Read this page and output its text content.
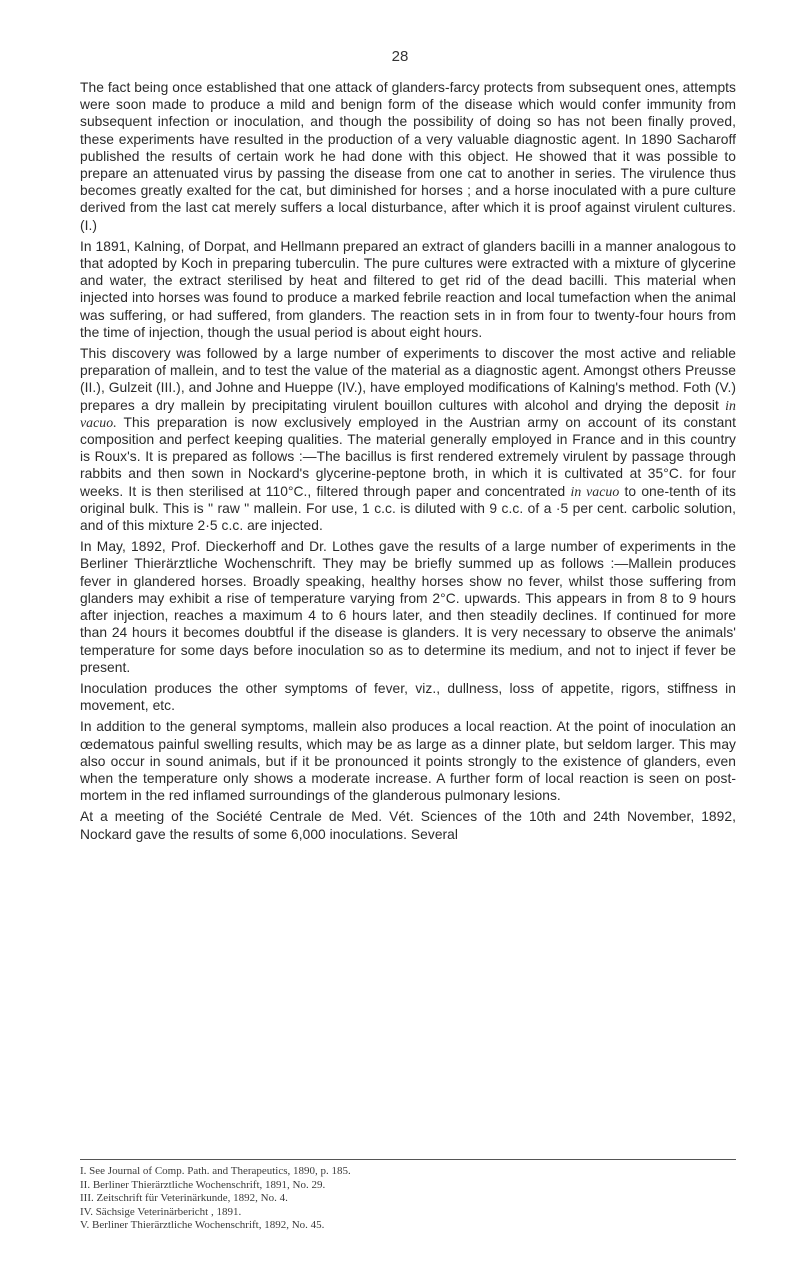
28

The fact being once established that one attack of glanders-farcy protects from subsequent ones, attempts were soon made to produce a mild and benign form of the disease which would confer immunity from subsequent infection or inoculation, and though the possibility of doing so has not been finally proved, these experiments have resulted in the production of a very valuable diagnostic agent. In 1890 Sacharoff published the results of certain work he had done with this object. He showed that it was possible to prepare an attenuated virus by passing the disease from one cat to another in series. The virulence thus becomes greatly exalted for the cat, but diminished for horses ; and a horse inoculated with a pure culture derived from the last cat merely suffers a local disturbance, after which it is proof against virulent cultures. (I.)

In 1891, Kalning, of Dorpat, and Hellmann prepared an extract of glanders bacilli in a manner analogous to that adopted by Koch in preparing tuberculin. The pure cultures were extracted with a mixture of glycerine and water, the extract sterilised by heat and filtered to get rid of the dead bacilli. This material when injected into horses was found to produce a marked febrile reaction and local tumefaction when the animal was suffering, or had suffered, from glanders. The reaction sets in in from four to twenty-four hours from the time of injection, though the usual period is about eight hours.

This discovery was followed by a large number of experiments to discover the most active and reliable preparation of mallein, and to test the value of the material as a diagnostic agent. Amongst others Preusse (II.), Gulzeit (III.), and Johne and Hueppe (IV.), have employed modifications of Kalning's method. Foth (V.) prepares a dry mallein by precipitating virulent bouillon cultures with alcohol and drying the deposit in vacuo. This preparation is now exclusively employed in the Austrian army on account of its constant composition and perfect keeping qualities. The material generally employed in France and in this country is Roux's. It is prepared as follows :—The bacillus is first rendered extremely virulent by passage through rabbits and then sown in Nockard's glycerine-peptone broth, in which it is cultivated at 35°C. for four weeks. It is then sterilised at 110°C., filtered through paper and concentrated in vacuo to one-tenth of its original bulk. This is " raw " mallein. For use, 1 c.c. is diluted with 9 c.c. of a ·5 per cent. carbolic solution, and of this mixture 2·5 c.c. are injected.

In May, 1892, Prof. Dieckerhoff and Dr. Lothes gave the results of a large number of experiments in the Berliner Thierärztliche Wochenschrift. They may be briefly summed up as follows :—Mallein produces fever in glandered horses. Broadly speaking, healthy horses show no fever, whilst those suffering from glanders may exhibit a rise of temperature varying from 2°C. upwards. This appears in from 8 to 9 hours after injection, reaches a maximum 4 to 6 hours later, and then steadily declines. If continued for more than 24 hours it becomes doubtful if the disease is glanders. It is very necessary to observe the animals' temperature for some days before inoculation so as to determine its medium, and not to inject if fever be present.

Inoculation produces the other symptoms of fever, viz., dullness, loss of appetite, rigors, stiffness in movement, etc.

In addition to the general symptoms, mallein also produces a local reaction. At the point of inoculation an œdematous painful swelling results, which may be as large as a dinner plate, but seldom larger. This may also occur in sound animals, but if it be pronounced it points strongly to the existence of glanders, even when the temperature only shows a moderate increase. A further form of local reaction is seen on post-mortem in the red inflamed surroundings of the glanderous pulmonary lesions.

At a meeting of the Société Centrale de Med. Vét. Sciences of the 10th and 24th November, 1892, Nockard gave the results of some 6,000 inoculations. Several

I. See Journal of Comp. Path. and Therapeutics, 1890, p. 185.
II. Berliner Thierärztliche Wochenschrift, 1891, No. 29.
III. Zeitschrift für Veterinärkunde, 1892, No. 4.
IV. Sächsige Veterinärbericht , 1891.
V. Berliner Thierärztliche Wochenschrift, 1892, No. 45.
